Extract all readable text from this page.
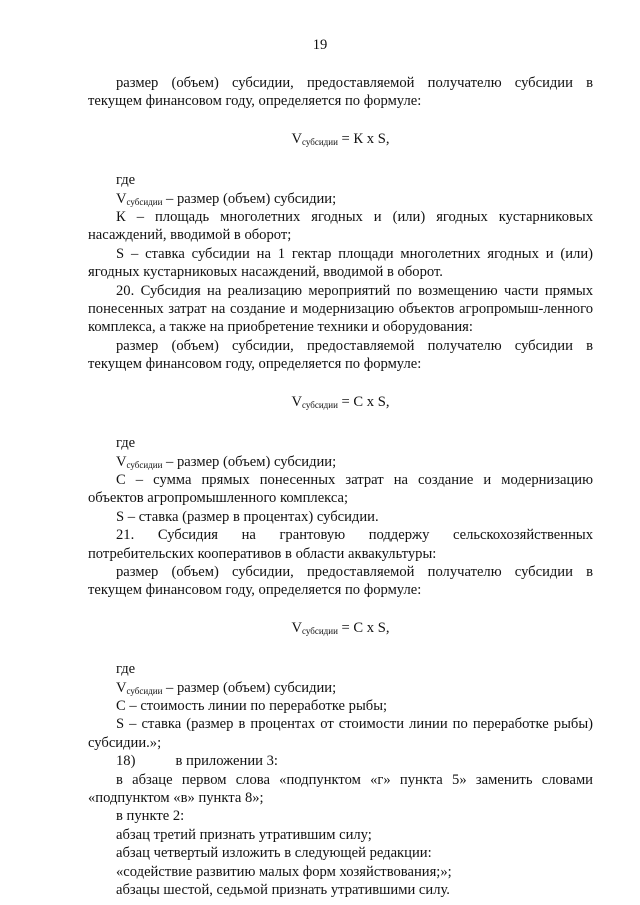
19

размер (объем) субсидии, предоставляемой получателю субсидии в текущем финансовом году, определяется по формуле:

$V_{субсидии} = К$ x S,

где

$V_{субсидии}$ – размер (объем) субсидии;

К – площадь многолетних ягодных и (или) ягодных кустарниковых насаждений, вводимой в оборот;

S – ставка субсидии на 1 гектар площади многолетних ягодных и (или) ягодных кустарниковых насаждений, вводимой в оборот.

20. Субсидия на реализацию мероприятий по возмещению части прямых понесенных затрат на создание и модернизацию объектов агропромыш-ленного комплекса, а также на приобретение техники и оборудования:

размер (объем) субсидии, предоставляемой получателю субсидии в текущем финансовом году, определяется по формуле:

$V_{субсидии} = С$ x S,

где

$V_{субсидии}$ – размер (объем) субсидии;

С – сумма прямых понесенных затрат на создание и модернизацию объектов агропромышленного комплекса;

S – ставка (размер в процентах) субсидии.

21. Субсидия на грантовую поддержу сельскохозяйственных потребительских кооперативов в области аквакультуры:

размер (объем) субсидии, предоставляемой получателю субсидии в текущем финансовом году, определяется по формуле:

$V_{субсидии} = С$ x S,

где

$V_{субсидии}$ – размер (объем) субсидии;

С – стоимость линии по переработке рыбы;

S – ставка (размер в процентах от стоимости линии по переработке рыбы) субсидии.»;

18)	в приложении 3:

в абзаце первом слова «подпунктом «г» пункта 5» заменить словами «подпунктом «в» пункта 8»;

в пункте 2:

абзац третий признать утратившим силу;

абзац четвертый изложить в следующей редакции:

«содействие развитию малых форм хозяйствования;»;

абзацы шестой, седьмой признать утратившими силу.
